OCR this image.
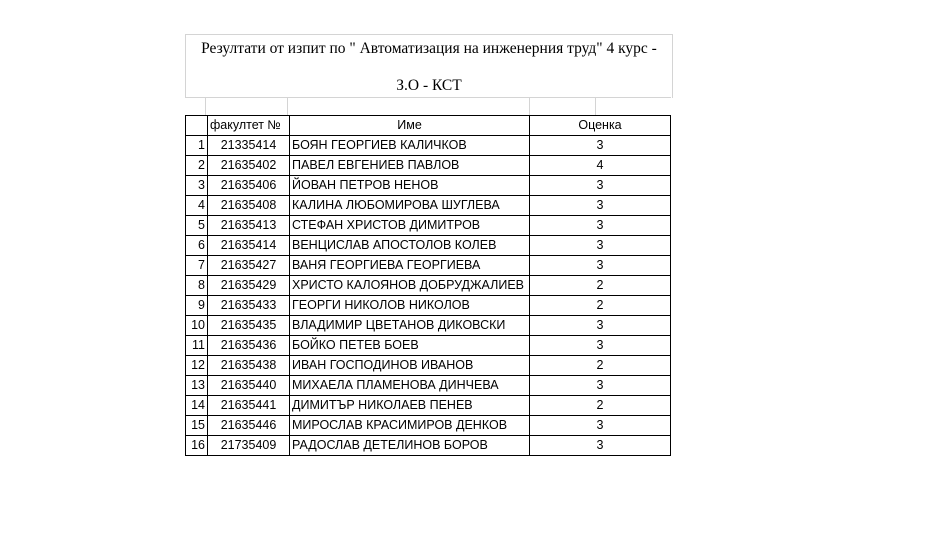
Резултати от изпит по " Автоматизация на инженерния труд" 4 курс -
З.О - КСТ
	факултет №	Име	Оценка
1	21335414	БОЯН ГЕОРГИЕВ КАЛИЧКОВ	3
2	21635402	ПАВЕЛ ЕВГЕНИЕВ ПАВЛОВ	4
3	21635406	ЙОВАН ПЕТРОВ НЕНОВ	3
4	21635408	КАЛИНА ЛЮБОМИРОВА ШУГЛЕВА	3
5	21635413	СТЕФАН ХРИСТОВ ДИМИТРОВ	3
6	21635414	ВЕНЦИСЛАВ АПОСТОЛОВ КОЛЕВ	3
7	21635427	ВАНЯ ГЕОРГИЕВА ГЕОРГИЕВА	3
8	21635429	ХРИСТО КАЛОЯНОВ ДОБРУДЖАЛИЕВ	2
9	21635433	ГЕОРГИ НИКОЛОВ НИКОЛОВ	2
10	21635435	ВЛАДИМИР ЦВЕТАНОВ ДИКОВСКИ	3
11	21635436	БОЙКО ПЕТЕВ БОЕВ	3
12	21635438	ИВАН ГОСПОДИНОВ ИВАНОВ	2
13	21635440	МИХАЕЛА ПЛАМЕНОВА ДИНЧЕВА	3
14	21635441	ДИМИТЪР НИКОЛАЕВ ПЕНЕВ	2
15	21635446	МИРОСЛАВ КРАСИМИРОВ ДЕНКОВ	3
16	21735409	РАДОСЛАВ ДЕТЕЛИНОВ БОРОВ	3
